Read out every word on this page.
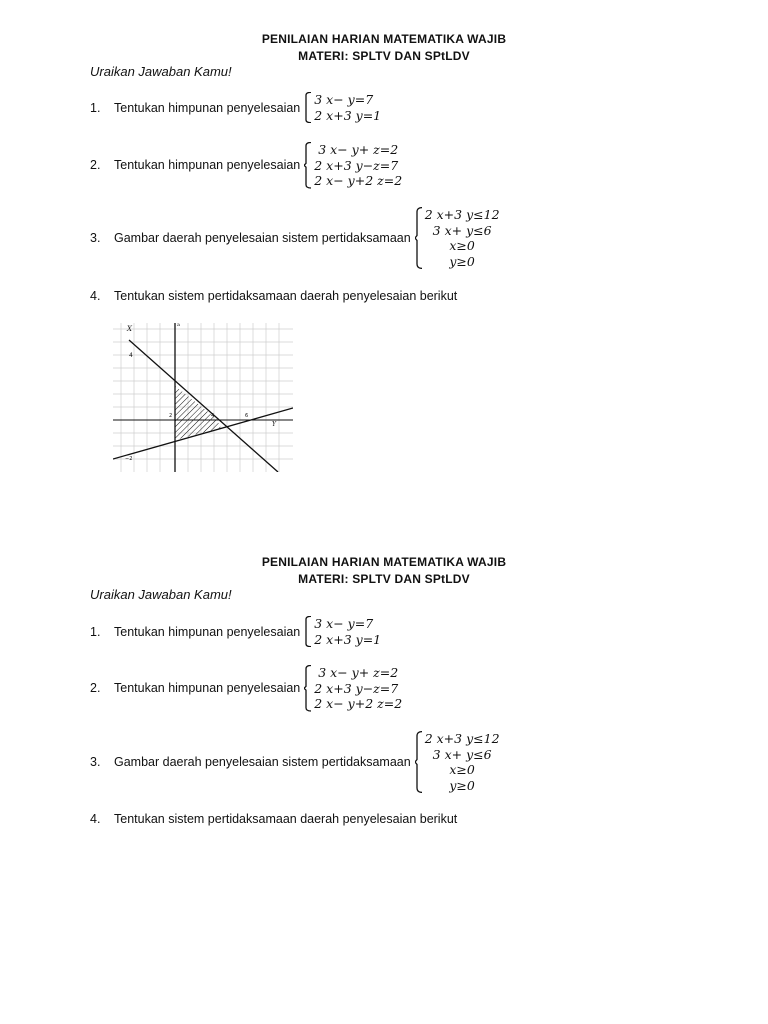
PENILAIAN HARIAN MATEMATIKA WAJIB
MATERI: SPLTV DAN SPtLDV
Uraikan Jawaban Kamu!
1.	Tentukan himpunan penyelesaian
3 x− y=7
2 x+3 y=1
2.	Tentukan himpunan penyelesaian
3 x− y+ z=2
2 x+3 y−z=7
2 x− y+2 z=2
3.	Gambar daerah penyelesaian sistem pertidaksamaan
2 x+3 y≤12
3 x+ y≤6
x≥0
y≥0
4.	Tentukan sistem pertidaksamaan daerah penyelesaian berikut
X	a
4
2	4	6
Y
−2
PENILAIAN HARIAN MATEMATIKA WAJIB
MATERI: SPLTV DAN SPtLDV
Uraikan Jawaban Kamu!
1.	Tentukan himpunan penyelesaian
3 x− y=7
2 x+3 y=1
2.	Tentukan himpunan penyelesaian
3 x− y+ z=2
2 x+3 y−z=7
2 x− y+2 z=2
3.	Gambar daerah penyelesaian sistem pertidaksamaan
2 x+3 y≤12
3 x+ y≤6
x≥0
y≥0
4.	Tentukan sistem pertidaksamaan daerah penyelesaian berikut
